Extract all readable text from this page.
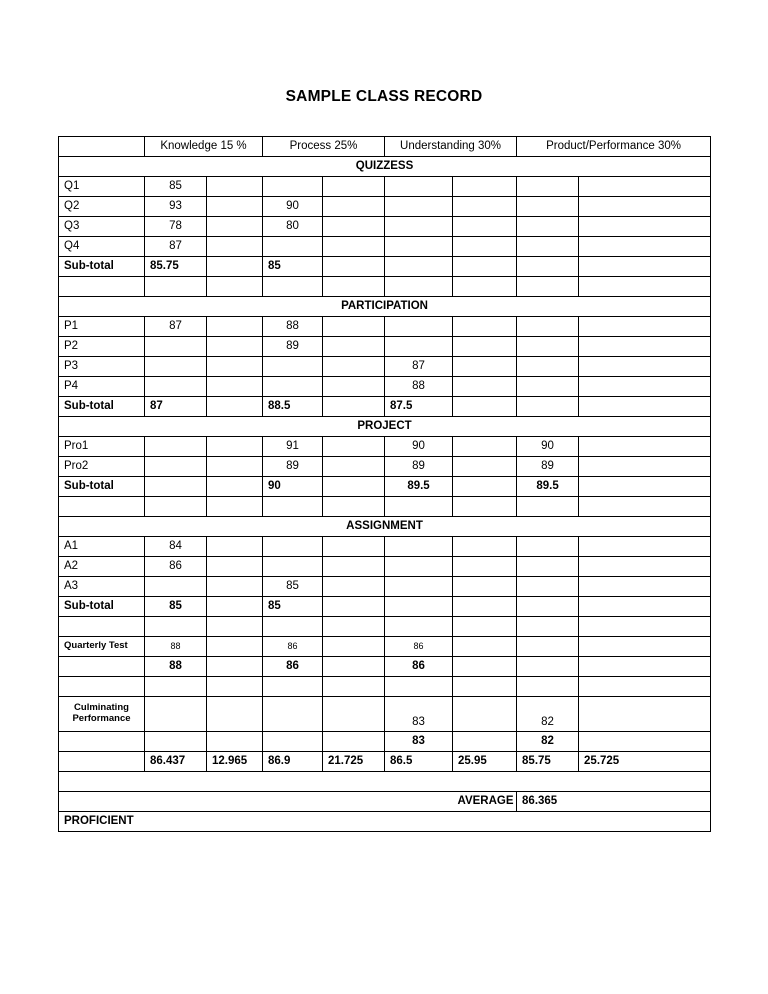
SAMPLE CLASS RECORD
	Knowledge 15 %		Process 25%		Understanding 30%		Product/Performance 30%	
QUIZZESS								
Q1	85							
Q2	93		90					
Q3	78		80					
Q4	87							
Sub-total	85.75		85					

PARTICIPATION								
P1	87		88					
P2			89					
P3					87			
P4					88			
Sub-total	87		88.5		87.5			
PROJECT								
Pro1			91		90		90	
Pro2			89		89		89	
Sub-total			90		89.5		89.5	

ASSIGNMENT								
A1	84							
A2	86							
A3			85					
Sub-total	85		85					

Quarterly Test	88		86		86			
	88		86		86			

Culminating Performance					83		82	
					83		82	
	86.437	12.965	86.9	21.725	86.5	25.95	85.75	25.725

						AVERAGE	86.365	
PROFICIENT								
